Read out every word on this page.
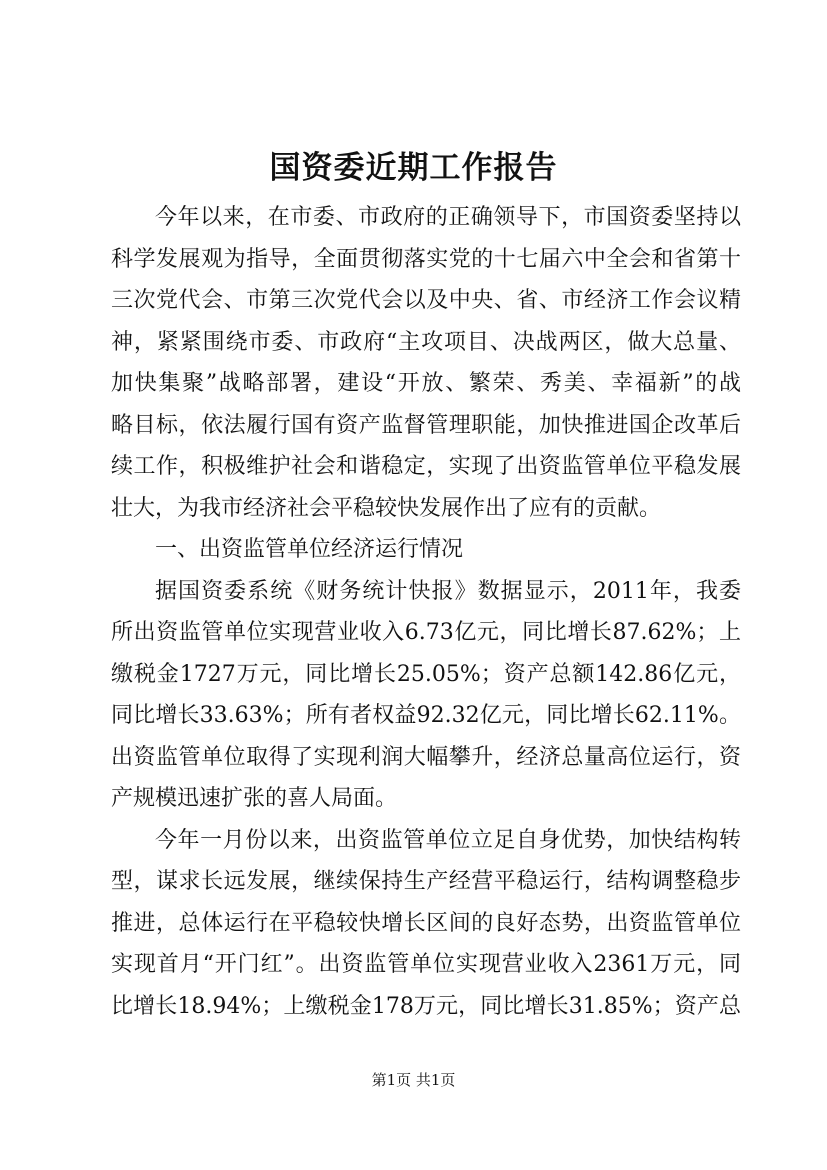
国资委近期工作报告
今年以来，在市委、市政府的正确领导下，市国资委坚持以
科学发展观为指导，全面贯彻落实党的十七届六中全会和省第十
三次党代会、市第三次党代会以及中央、省、市经济工作会议精
神，紧紧围绕市委、市政府“主攻项目、决战两区，做大总量、
加快集聚”战略部署，建设“开放、繁荣、秀美、幸福新”的战
略目标，依法履行国有资产监督管理职能，加快推进国企改革后
续工作，积极维护社会和谐稳定，实现了出资监管单位平稳发展
壮大，为我市经济社会平稳较快发展作出了应有的贡献。
一、出资监管单位经济运行情况
据国资委系统《财务统计快报》数据显示，2011年，我委
所出资监管单位实现营业收入6.73亿元，同比增长87.62%；上
缴税金1727万元，同比增长25.05%；资产总额142.86亿元，
同比增长33.63%；所有者权益92.32亿元，同比增长62.11%。
出资监管单位取得了实现利润大幅攀升，经济总量高位运行，资
产规模迅速扩张的喜人局面。
今年一月份以来，出资监管单位立足自身优势，加快结构转
型，谋求长远发展，继续保持生产经营平稳运行，结构调整稳步
推进，总体运行在平稳较快增长区间的良好态势，出资监管单位
实现首月“开门红”。出资监管单位实现营业收入2361万元，同
比增长18.94%；上缴税金178万元，同比增长31.85%；资产总
第1页 共1页
